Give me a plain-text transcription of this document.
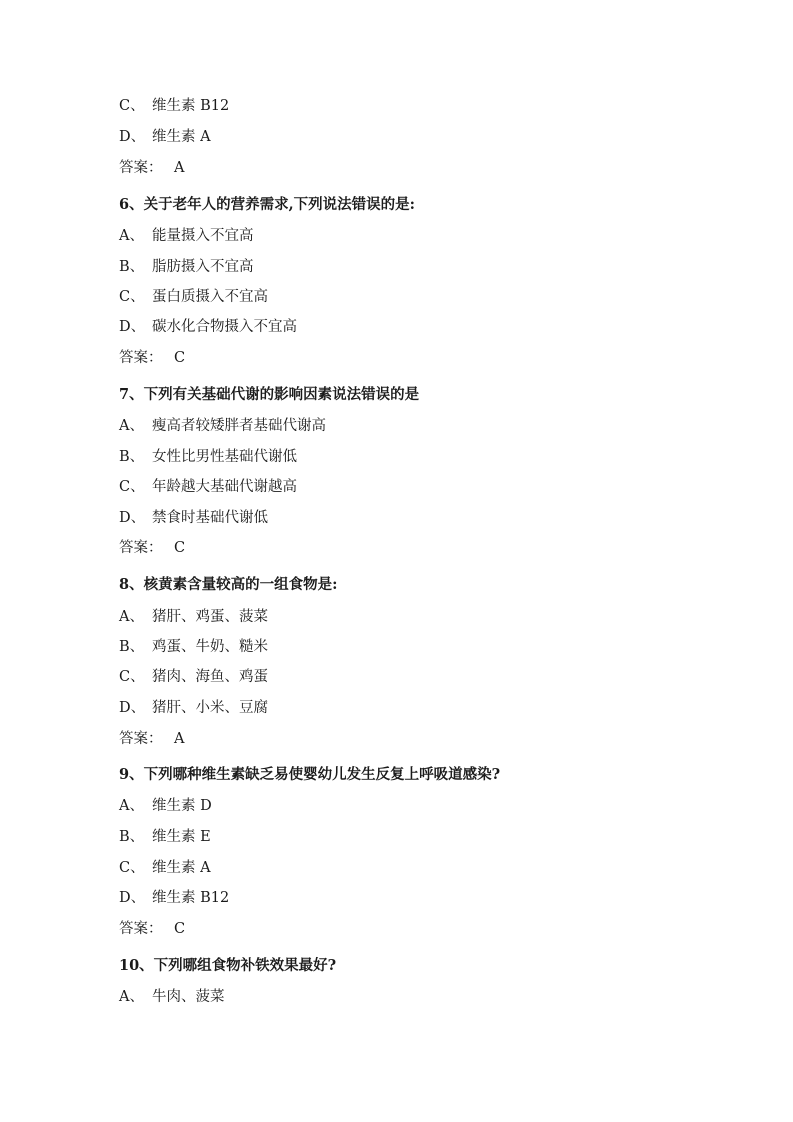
C、 维生素 B12
D、 维生素 A
答案： A
6、关于老年人的营养需求,下列说法错误的是:
A、 能量摄入不宜高
B、 脂肪摄入不宜高
C、 蛋白质摄入不宜高
D、 碳水化合物摄入不宜高
答案： C
7、下列有关基础代谢的影响因素说法错误的是
A、 瘦高者较矮胖者基础代谢高
B、 女性比男性基础代谢低
C、 年龄越大基础代谢越高
D、 禁食时基础代谢低
答案： C
8、核黄素含量较高的一组食物是:
A、 猪肝、鸡蛋、菠菜
B、 鸡蛋、牛奶、糙米
C、 猪肉、海鱼、鸡蛋
D、 猪肝、小米、豆腐
答案： A
9、下列哪种维生素缺乏易使婴幼儿发生反复上呼吸道感染?
A、 维生素 D
B、 维生素 E
C、 维生素 A
D、 维生素 B12
答案： C
10、下列哪组食物补铁效果最好?
A、 牛肉、菠菜
